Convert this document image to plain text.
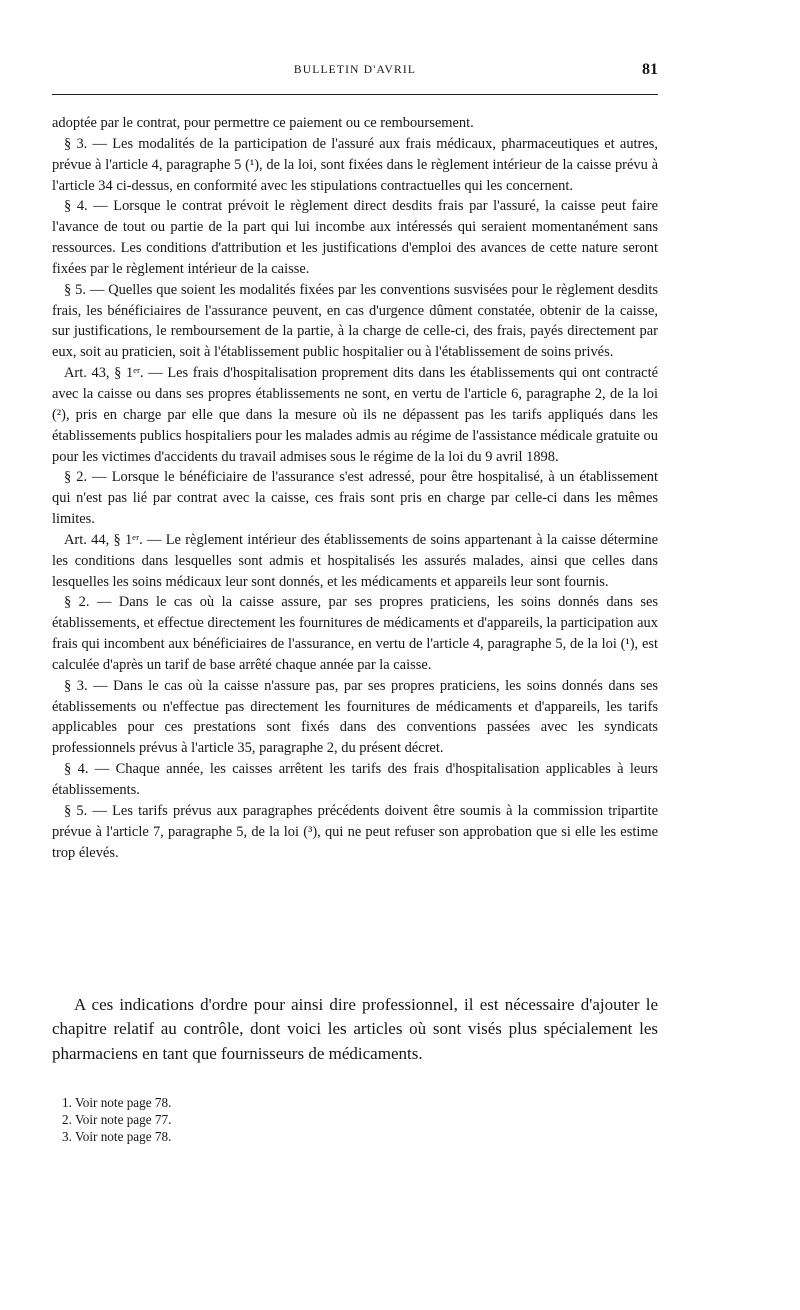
BULLETIN D'AVRIL	81

adoptée par le contrat, pour permettre ce paiement ou ce remboursement.

§ 3. — Les modalités de la participation de l'assuré aux frais médicaux, pharmaceutiques et autres, prévue à l'article 4, paragraphe 5 (¹), de la loi, sont fixées dans le règlement intérieur de la caisse prévu à l'article 34 ci-dessus, en conformité avec les stipulations contractuelles qui les concernent.

§ 4. — Lorsque le contrat prévoit le règlement direct desdits frais par l'assuré, la caisse peut faire l'avance de tout ou partie de la part qui lui incombe aux intéressés qui seraient momentanément sans ressources. Les conditions d'attribution et les justifications d'emploi des avances de cette nature seront fixées par le règlement intérieur de la caisse.

§ 5. — Quelles que soient les modalités fixées par les conventions susvisées pour le règlement desdits frais, les bénéficiaires de l'assurance peuvent, en cas d'urgence dûment constatée, obtenir de la caisse, sur justifications, le remboursement de la partie, à la charge de celle-ci, des frais, payés directement par eux, soit au praticien, soit à l'établissement public hospitalier ou à l'établissement de soins privés.

Art. 43, § 1ᵉʳ. — Les frais d'hospitalisation proprement dits dans les établissements qui ont contracté avec la caisse ou dans ses propres établissements ne sont, en vertu de l'article 6, paragraphe 2, de la loi (²), pris en charge par elle que dans la mesure où ils ne dépassent pas les tarifs appliqués dans les établissements publics hospitaliers pour les malades admis au régime de l'assistance médicale gratuite ou pour les victimes d'accidents du travail admises sous le régime de la loi du 9 avril 1898.

§ 2. — Lorsque le bénéficiaire de l'assurance s'est adressé, pour être hospitalisé, à un établissement qui n'est pas lié par contrat avec la caisse, ces frais sont pris en charge par celle-ci dans les mêmes limites.

Art. 44, § 1ᵉʳ. — Le règlement intérieur des établissements de soins appartenant à la caisse détermine les conditions dans lesquelles sont admis et hospitalisés les assurés malades, ainsi que celles dans lesquelles les soins médicaux leur sont donnés, et les médicaments et appareils leur sont fournis.

§ 2. — Dans le cas où la caisse assure, par ses propres praticiens, les soins donnés dans ses établissements, et effectue directement les fournitures de médicaments et d'appareils, la participation aux frais qui incombent aux bénéficiaires de l'assurance, en vertu de l'article 4, paragraphe 5, de la loi (¹), est calculée d'après un tarif de base arrêté chaque année par la caisse.

§ 3. — Dans le cas où la caisse n'assure pas, par ses propres praticiens, les soins donnés dans ses établissements ou n'effectue pas directement les fournitures de médicaments et d'appareils, les tarifs applicables pour ces prestations sont fixés dans des conventions passées avec les syndicats professionnels prévus à l'article 35, paragraphe 2, du présent décret.

§ 4. — Chaque année, les caisses arrêtent les tarifs des frais d'hospitalisation applicables à leurs établissements.

§ 5. — Les tarifs prévus aux paragraphes précédents doivent être soumis à la commission tripartite prévue à l'article 7, paragraphe 5, de la loi (³), qui ne peut refuser son approbation que si elle les estime trop élevés.

A ces indications d'ordre pour ainsi dire professionnel, il est nécessaire d'ajouter le chapitre relatif au contrôle, dont voici les articles où sont visés plus spécialement les pharmaciens en tant que fournisseurs de médicaments.

1. Voir note page 78.
2. Voir note page 77.
3. Voir note page 78.
